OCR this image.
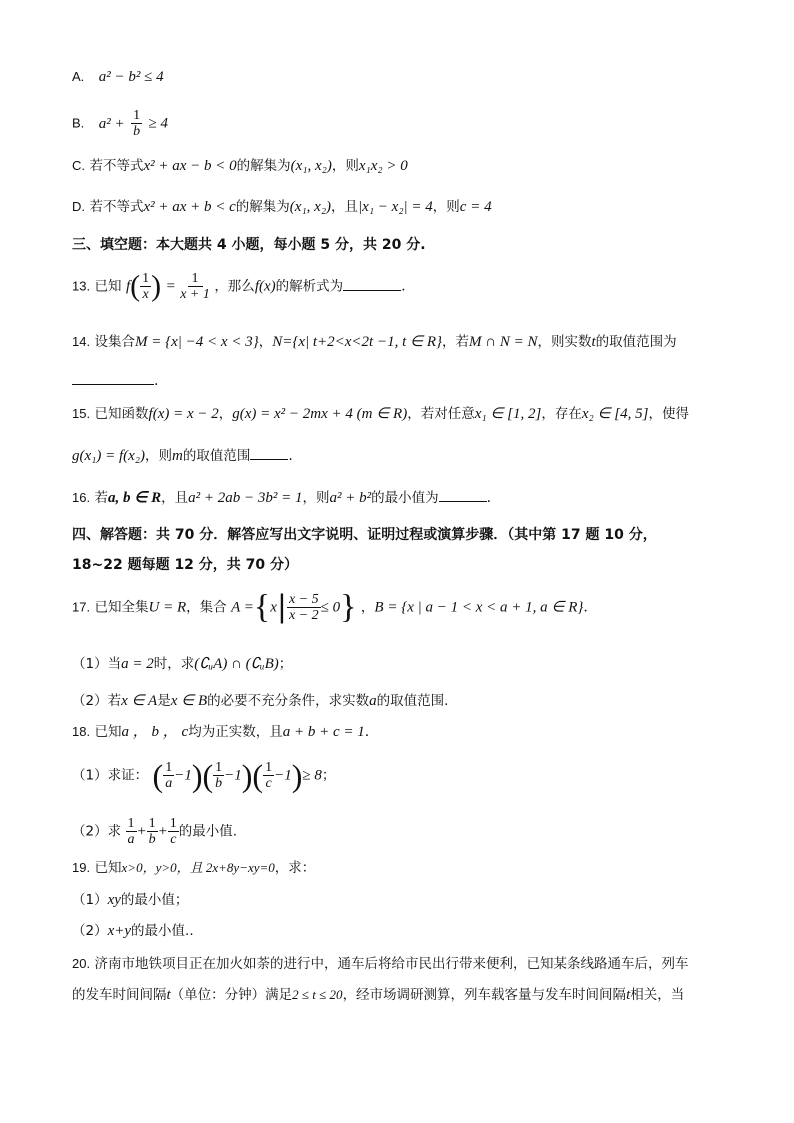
A. a² − b² ≤ 4
B. $a^2 + \frac{1}{b} \ge 4$
C. 若不等式x² + ax − b < 0的解集为(x₁, x₂)，则x₁x₂ > 0
D. 若不等式x² + ax + b < c的解集为(x₁, x₂)，且|x₁ − x₂| = 4，则c = 4
三、填空题：本大题共 4 小题，每小题 5 分，共 20 分.
13. 已知 $f( \frac{1}{x}$ ) = $\frac{1}{x + 1}$ ，那么f(x)的解析式为	.
14. 设集合M = {x| −4 < x < 3}，N={x| t+2<x<2t −1, t ∈ R}，若M ∩ N = N，则实数t的取值范围为
.
15. 已知函数f(x) = x − 2，g(x) = x² − 2mx + 4 (m ∈ R)，若对任意x₁ ∈ [1, 2]，存在x₂ ∈ [4, 5]，使得
g(x₁) = f(x₂)，则m的取值范围	.
16. 若a, b ∈ R，且a² + 2ab − 3b² = 1，则a² + b²的最小值为	.
四、解答题：共 70 分．解答应写出文字说明、证明过程或演算步骤．（其中第 17 题 10 分，
18~22 题每题 12 分，共 70 分）
17. 已知全集U = R，集合 $A =\{x| \frac{x - 5}{x - 2} \le 0\}$ ，B = {x | a − 1 < x < a + 1, a ∈ R}.
（1）当a = 2时，求(∁ᵤA) ∩ (∁ᵤB)；
（2）若x ∈ A是x ∈ B的必要不充分条件，求实数a的取值范围.
18. 已知a ， b ， c均为正实数，且a + b + c = 1.
（1）求证： ( $\frac{1}{a} -1)( \frac{1}{b} -1)( \frac{1}{c} -1)\ge 8$；
（2）求 $\frac{1}{a} + \frac{1}{b} + \frac{1}{c}$ 的最小值.
19. 已知x>0，y>0，且 2x+8y−xy=0，求：
（1）xy的最小值；
（2）x+y的最小值..
20. 济南市地铁项目正在加火如荼的进行中，通车后将给市民出行带来便利，已知某条线路通车后，列车
的发车时间间隔t（单位：分钟）满足2 ≤ t ≤ 20，经市场调研测算，列车载客量与发车时间间隔t相关，当
